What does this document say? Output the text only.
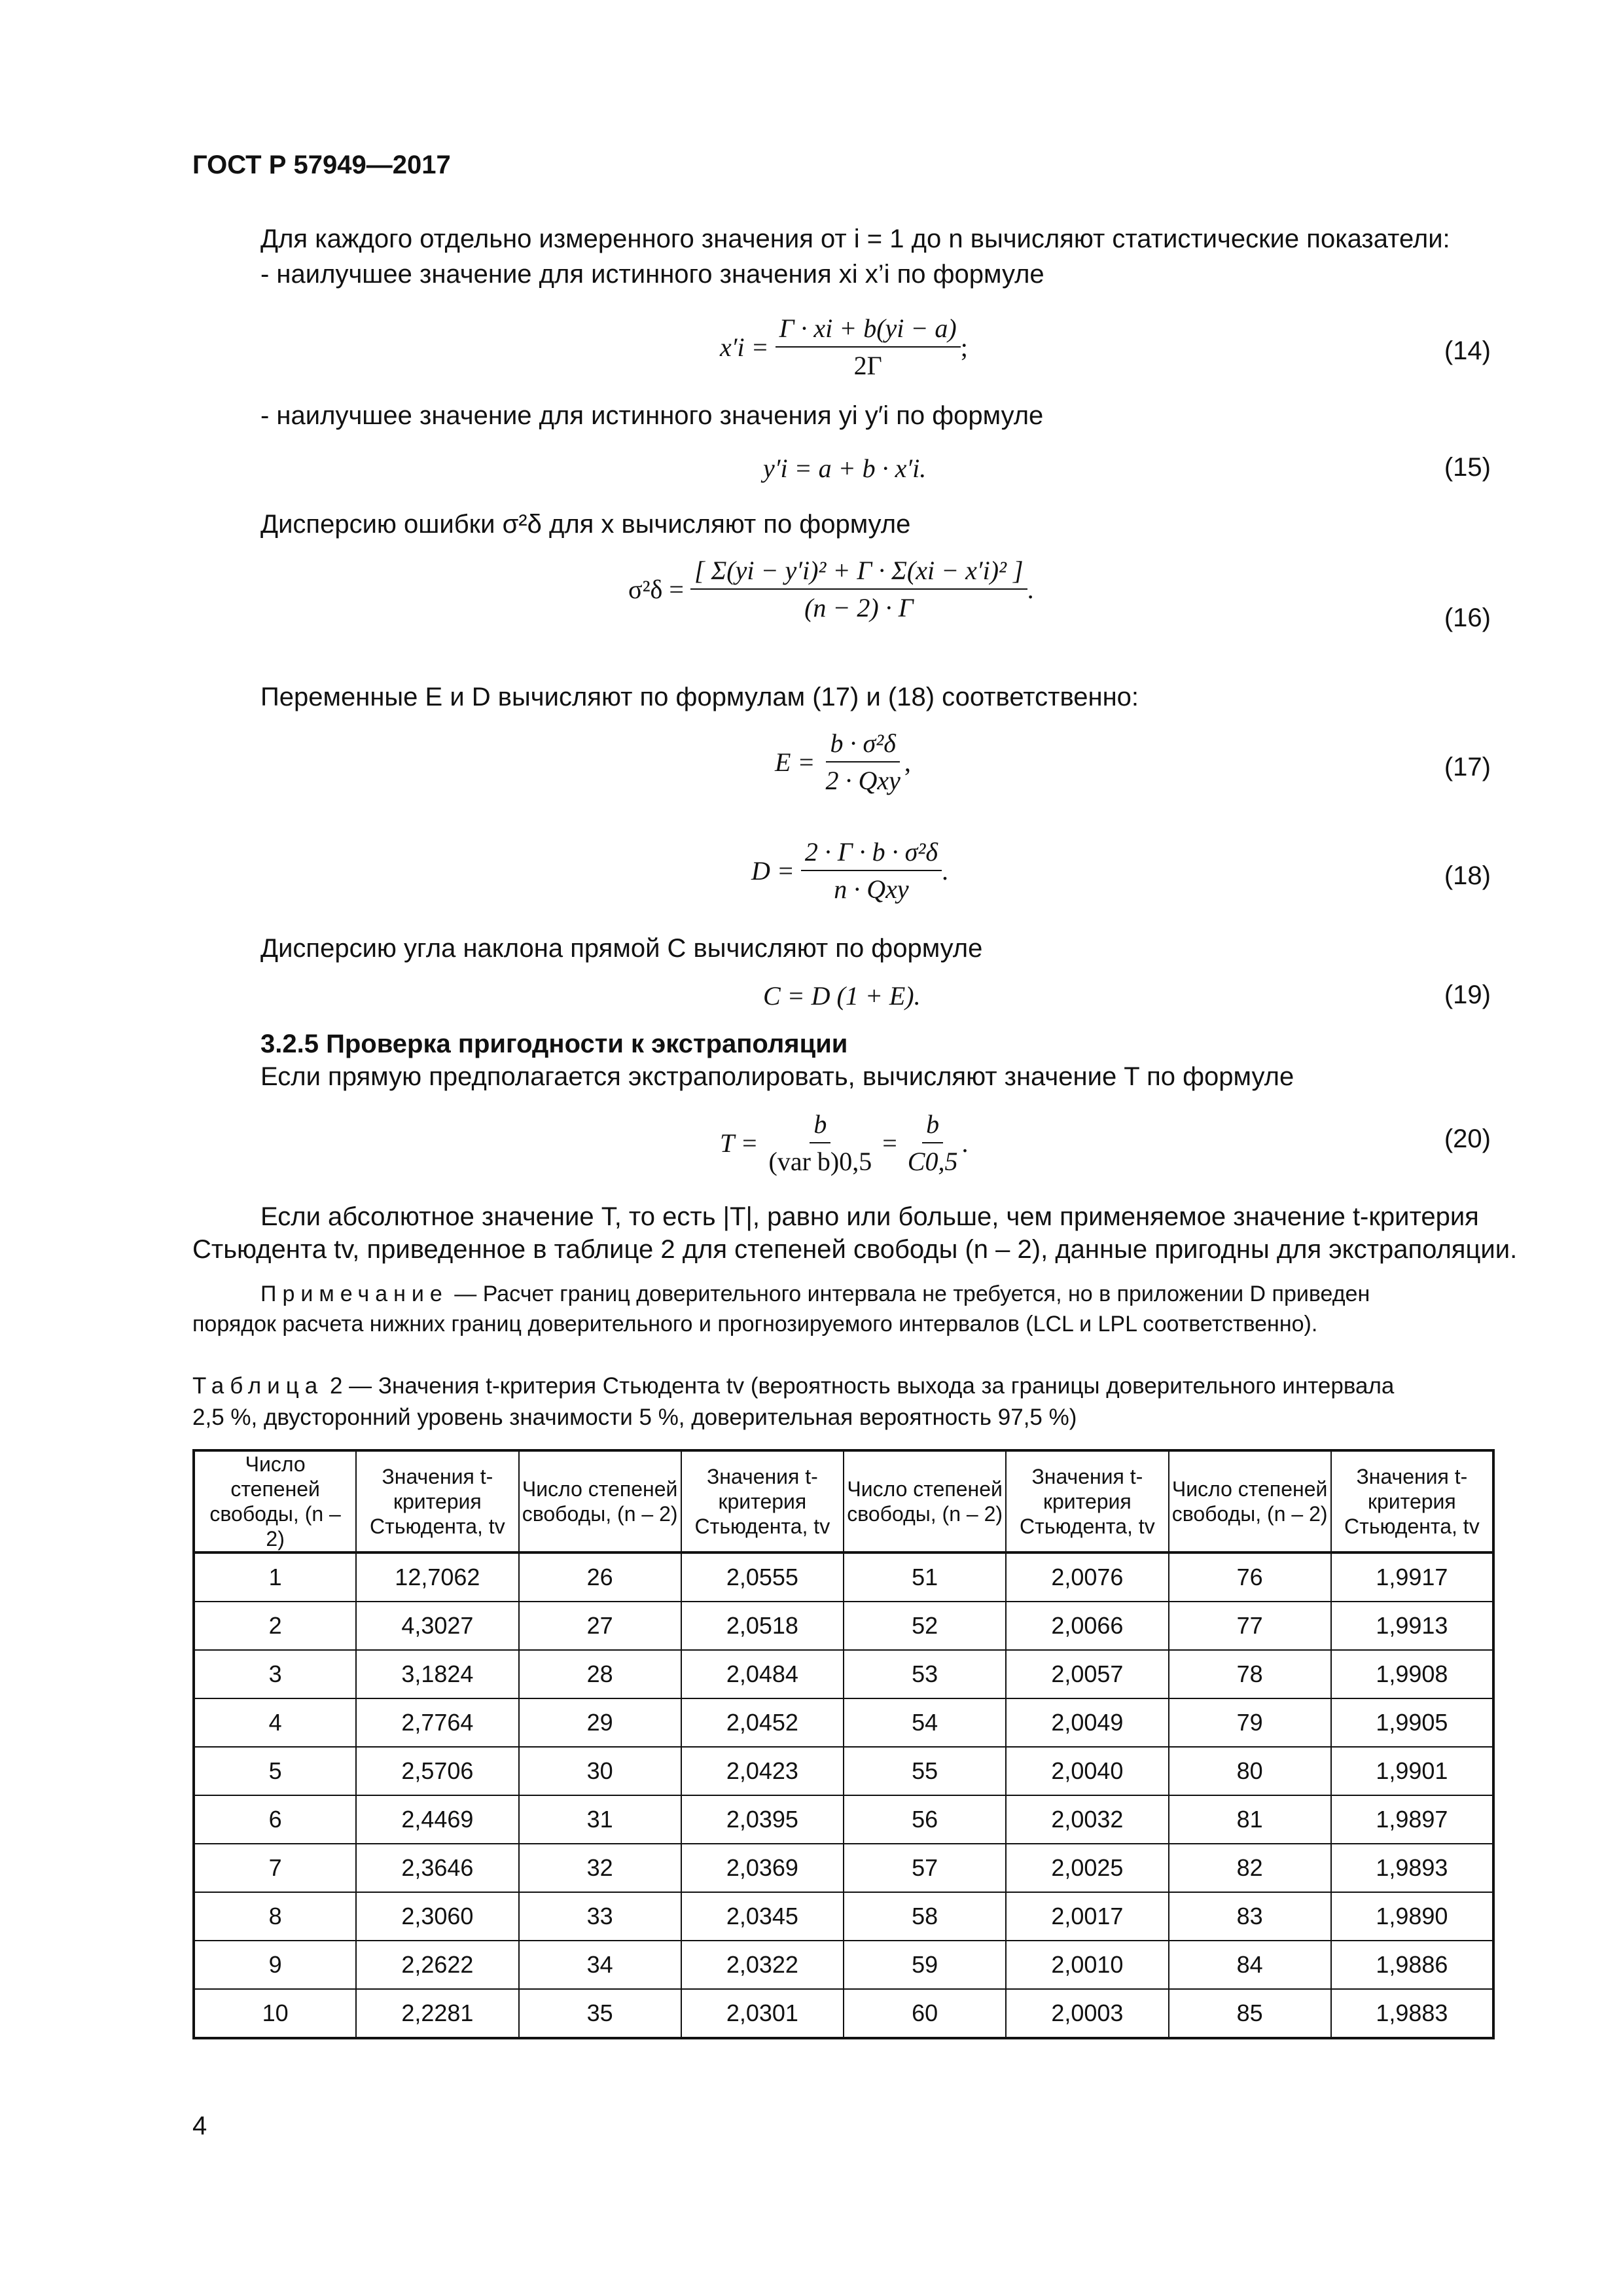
ГОСТ Р 57949—2017
Для каждого отдельно измеренного значения от i = 1 до n вычисляют статистические показатели:
- наилучшее значение для истинного значения xi x’i по формуле
x′i =
$\frac{\Gamma \cdot xi + b(yi - a)}{2\Gamma}$ ;	(14)
- наилучшее значение для истинного значения yi y′i по формуле
y′i = a + b · x′i.	(15)
Дисперсию ошибки σ²δ для x вычисляют по формуле
σ²δ =
$\frac{\text{[ Σ(yi − y′i)² + Γ · Σ(xi − x′i)² ]}}{(n - 2) \cdot \Gamma}$ .
(16)
Переменные E и D вычисляют по формулам (17) и (18) соответственно:
E =
$\frac{\text{b · σ²δ}}{\text{2 · Qxy}}$ ,	(17)
D =
$\frac{\text{2 · Γ · b · σ²δ}}{\text{n · Qxy}}$ .	(18)
Дисперсию угла наклона прямой C вычисляют по формуле
C = D (1 + E).	(19)
3.2.5 Проверка пригодности к экстраполяции
Если прямую предполагается экстраполировать, вычисляют значение T по формуле
T =
$\frac{b}{\text{(var b)0,5}}$
=
$\frac{b}{C0,5}$ .	(20)
Если абсолютное значение T, то есть |T|, равно или больше, чем применяемое значение t-критерия
Стьюдента tv, приведенное в таблице 2 для степеней свободы (n – 2), данные пригодны для экстраполяции.
Примечание — Расчет границ доверительного интервала не требуется, но в приложении D приведен
порядок расчета нижних границ доверительного и прогнозируемого интервалов (LCL и LPL соответственно).
Таблица 2 — Значения t-критерия Стьюдента tv (вероятность выхода за границы доверительного интервала
2,5 %, двусторонний уровень значимости 5 %, доверительная вероятность 97,5 %)
Число степеней свободы, (n – 2)	Значения t-критерия Стьюдента, tv	Число степеней свободы, (n – 2)	Значения t-критерия Стьюдента, tv	Число степеней свободы, (n – 2)	Значения t-критерия Стьюдента, tv	Число степеней свободы, (n – 2)	Значения t-критерия Стьюдента, tv
1	12,7062	26	2,0555	51	2,0076	76	1,9917
2	4,3027	27	2,0518	52	2,0066	77	1,9913
3	3,1824	28	2,0484	53	2,0057	78	1,9908
4	2,7764	29	2,0452	54	2,0049	79	1,9905
5	2,5706	30	2,0423	55	2,0040	80	1,9901
6	2,4469	31	2,0395	56	2,0032	81	1,9897
7	2,3646	32	2,0369	57	2,0025	82	1,9893
8	2,3060	33	2,0345	58	2,0017	83	1,9890
9	2,2622	34	2,0322	59	2,0010	84	1,9886
10	2,2281	35	2,0301	60	2,0003	85	1,9883
4
